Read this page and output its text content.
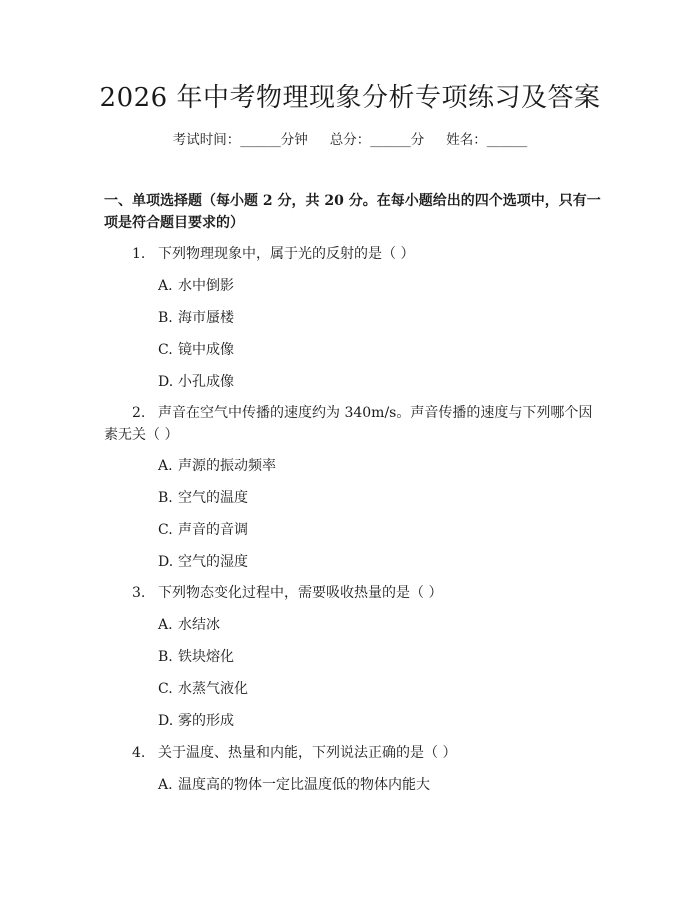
2026 年中考物理现象分析专项练习及答案
考试时间：______分钟 总分：______分 姓名：______
一、单项选择题（每小题 2 分，共 20 分。在每小题给出的四个选项中，只有一项是符合题目要求的）
1. 下列物理现象中，属于光的反射的是（ ）
A. 水中倒影
B. 海市蜃楼
C. 镜中成像
D. 小孔成像
2. 声音在空气中传播的速度约为 340m/s。声音传播的速度与下列哪个因素无关（ ）
A. 声源的振动频率
B. 空气的温度
C. 声音的音调
D. 空气的湿度
3. 下列物态变化过程中，需要吸收热量的是（ ）
A. 水结冰
B. 铁块熔化
C. 水蒸气液化
D. 雾的形成
4. 关于温度、热量和内能，下列说法正确的是（ ）
A. 温度高的物体一定比温度低的物体内能大
